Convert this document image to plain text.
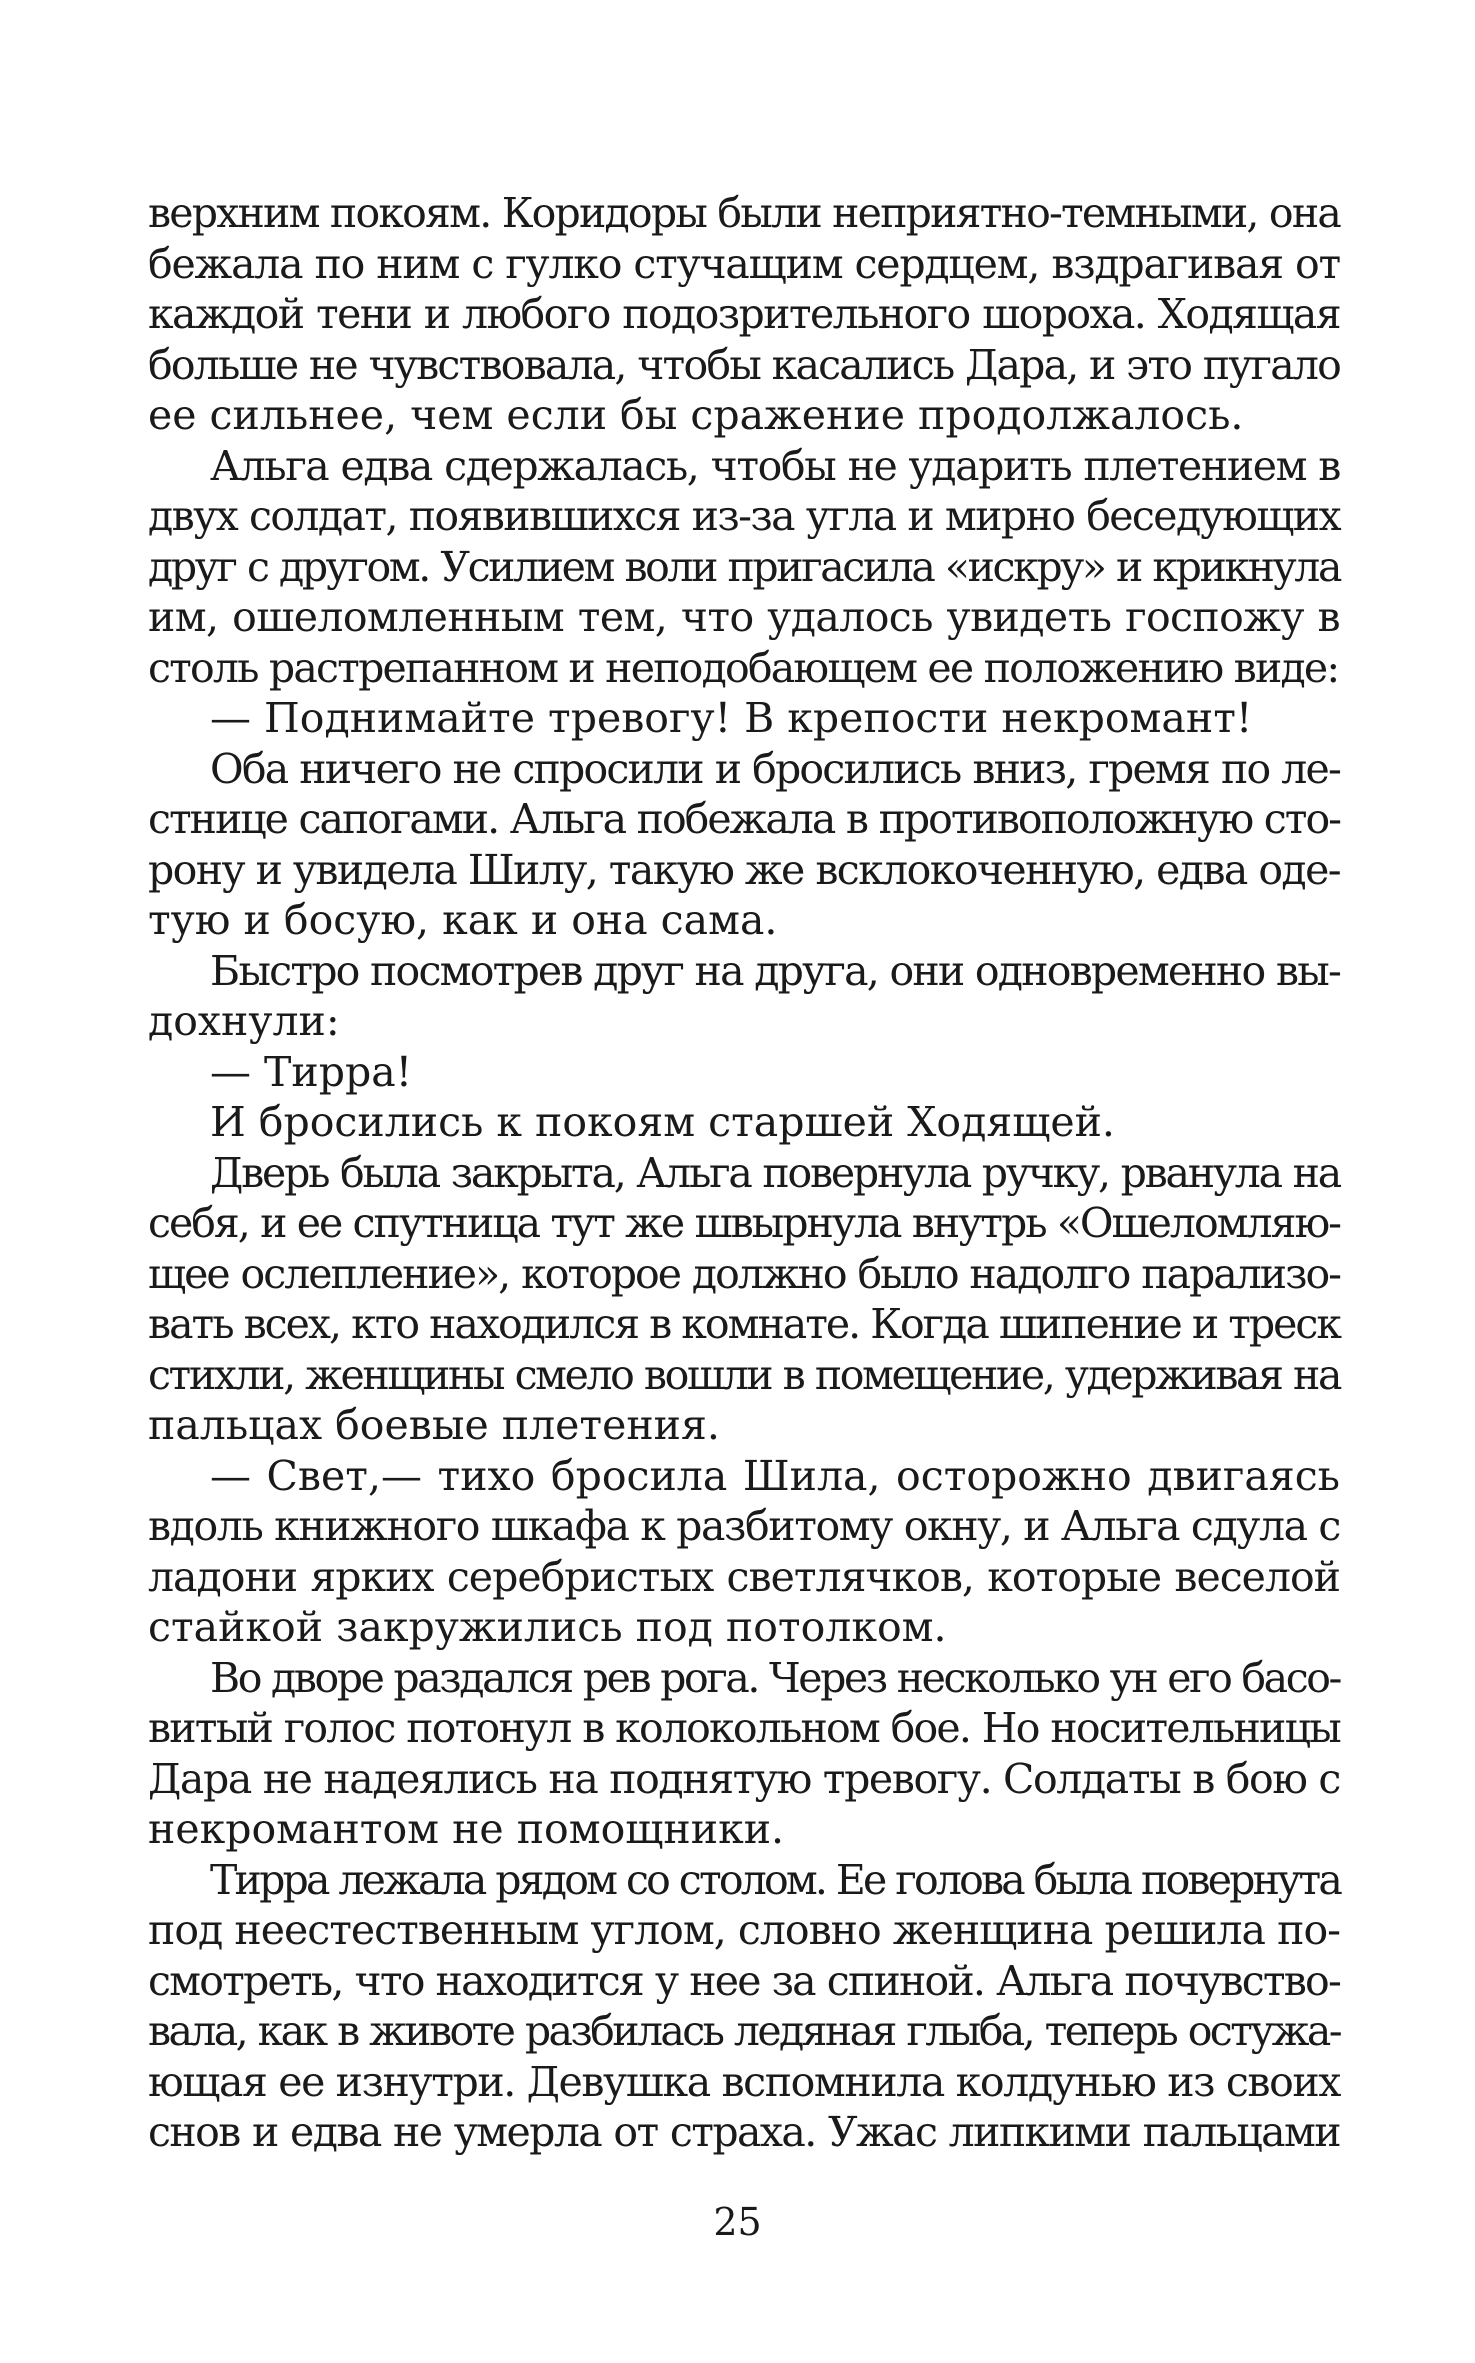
верхним покоям. Коридоры были неприятно-темными, она
бежала по ним с гулко стучащим сердцем, вздрагивая от
каждой тени и любого подозрительного шороха. Ходящая
больше не чувствовала, чтобы касались Дара, и это пугало
ее сильнее, чем если бы сражение продолжалось.
Альга едва сдержалась, чтобы не ударить плетением в
двух солдат, появившихся из-за угла и мирно беседующих
друг с другом. Усилием воли пригасила «искру» и крикнула
им, ошеломленным тем, что удалось увидеть госпожу в
столь растрепанном и неподобающем ее положению виде:
— Поднимайте тревогу! В крепости некромант!
Оба ничего не спросили и бросились вниз, гремя по ле-
стнице сапогами. Альга побежала в противоположную сто-
рону и увидела Шилу, такую же всклокоченную, едва оде-
тую и босую, как и она сама.
Быстро посмотрев друг на друга, они одновременно вы-
дохнули:
— Тирра!
И бросились к покоям старшей Ходящей.
Дверь была закрыта, Альга повернула ручку, рванула на
себя, и ее спутница тут же швырнула внутрь «Ошеломляю-
щее ослепление», которое должно было надолго парализо-
вать всех, кто находился в комнате. Когда шипение и треск
стихли, женщины смело вошли в помещение, удерживая на
пальцах боевые плетения.
— Свет,— тихо бросила Шила, осторожно двигаясь
вдоль книжного шкафа к разбитому окну, и Альга сдула с
ладони ярких серебристых светлячков, которые веселой
стайкой закружились под потолком.
Во дворе раздался рев рога. Через несколько ун его басо-
витый голос потонул в колокольном бое. Но носительницы
Дара не надеялись на поднятую тревогу. Солдаты в бою с
некромантом не помощники.
Тирра лежала рядом со столом. Ее голова была повернута
под неестественным углом, словно женщина решила по-
смотреть, что находится у нее за спиной. Альга почувство-
вала, как в животе разбилась ледяная глыба, теперь остужа-
ющая ее изнутри. Девушка вспомнила колдунью из своих
снов и едва не умерла от страха. Ужас липкими пальцами
25
